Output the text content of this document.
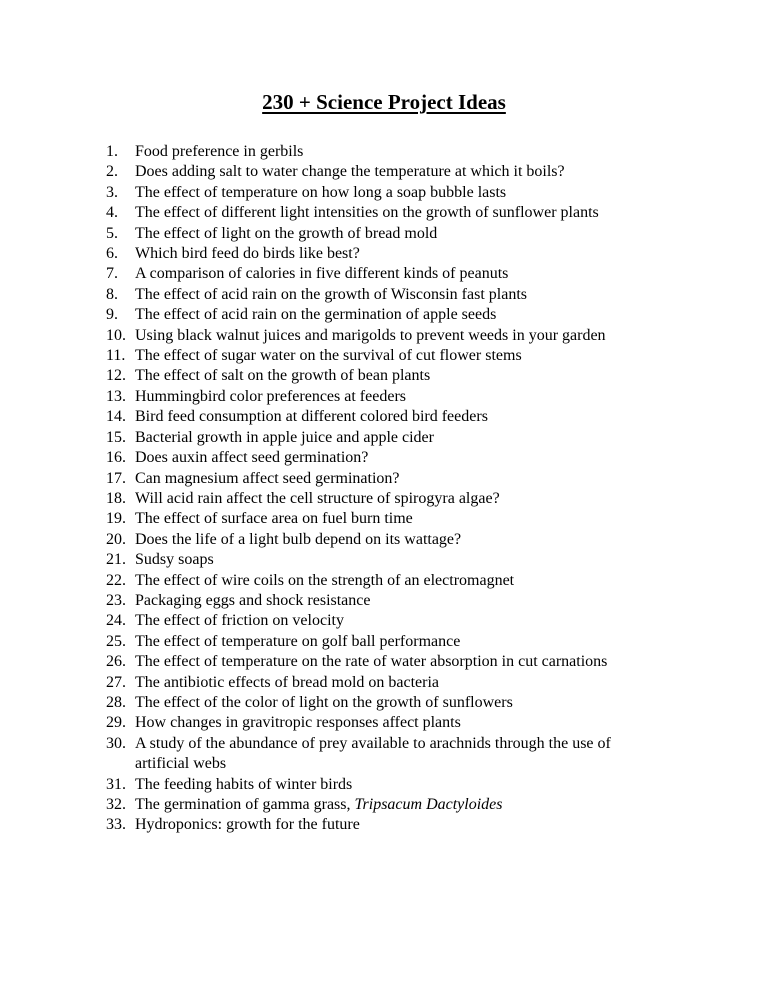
230 + Science Project Ideas
1. Food preference in gerbils
2. Does adding salt to water change the temperature at which it boils?
3. The effect of temperature on how long a soap bubble lasts
4. The effect of different light intensities on the growth of sunflower plants
5. The effect of light on the growth of bread mold
6. Which bird feed do birds like best?
7. A comparison of calories in five different kinds of peanuts
8. The effect of acid rain on the growth of Wisconsin fast plants
9. The effect of acid rain on the germination of apple seeds
10. Using black walnut juices and marigolds to prevent weeds in your garden
11. The effect of sugar water on the survival of cut flower stems
12. The effect of salt on the growth of bean plants
13. Hummingbird color preferences at feeders
14. Bird feed consumption at different colored bird feeders
15. Bacterial growth in apple juice and apple cider
16. Does auxin affect seed germination?
17. Can magnesium affect seed germination?
18. Will acid rain affect the cell structure of spirogyra algae?
19. The effect of surface area on fuel burn time
20. Does the life of a light bulb depend on its wattage?
21. Sudsy soaps
22. The effect of wire coils on the strength of an electromagnet
23. Packaging eggs and shock resistance
24. The effect of friction on velocity
25. The effect of temperature on golf ball performance
26. The effect of temperature on the rate of water absorption in cut carnations
27. The antibiotic effects of bread mold on bacteria
28. The effect of the color of light on the growth of sunflowers
29. How changes in gravitropic responses affect plants
30. A study of the abundance of prey available to arachnids through the use of artificial webs
31. The feeding habits of winter birds
32. The germination of gamma grass, Tripsacum Dactyloides
33. Hydroponics: growth for the future
